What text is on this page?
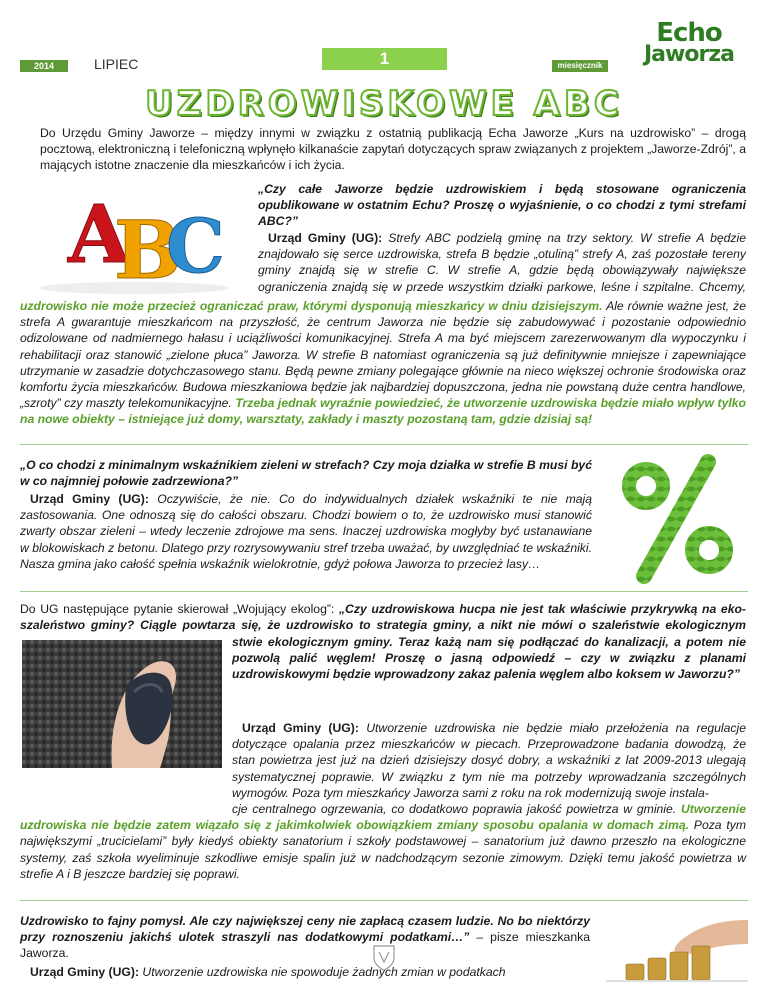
2014	LIPIEC	1	miesięcznik
Echo
Jaworza
UZDROWISKOWE ABC

Do Urzędu Gminy Jaworze – między innymi w związku z ostatnią publikacją Echa Jaworze „Kurs na uzdrowisko” – drogą pocztową, elektroniczną i telefoniczną wpłynęło kilkanaście zapytań dotyczących spraw związanych z projektem „Jaworze-Zdrój”, a mających istotne znaczenie dla mieszkańców i ich życia.

A
B
C

„Czy całe Jaworze będzie uzdrowiskiem i będą stosowane ograniczenia opublikowane w ostatnim Echu? Proszę o wyjaśnienie, o co chodzi z tymi strefami ABC?”

Urząd Gminy (UG): Strefy ABC podzielą gminę na trzy sektory. W strefie A będzie znajdowało się serce uzdrowiska, strefa B będzie „otuliną” strefy A, zaś pozostałe tereny gminy znajdą się w strefie C. W strefie A, gdzie będą obowiązywały największe ograniczenia znajdą się w przede wszystkim działki parkowe, leśne i szpitalne. Chcemy,
uzdrowisko nie może przecież ograniczać praw, którymi dysponują mieszkańcy w dniu dzisiejszym. Ale równie ważne jest, że strefa A gwarantuje mieszkańcom na przyszłość, że centrum Jaworza nie będzie się zabudowywać i pozostanie odpowiednio odizolowane od nadmiernego hałasu i uciążliwości komunikacyjnej. Strefa A ma być miejscem zarezerwowanym dla wypoczynku i rehabilitacji oraz stanowić „zielone płuca” Jaworza. W strefie B natomiast ograniczenia są już definitywnie mniejsze i zapewniające utrzymanie w zasadzie dotychczasowego stanu. Będą pewne zmiany polegające głównie na nieco większej ochronie środowiska oraz komfortu życia mieszkańców. Budowa mieszkaniowa będzie jak najbardziej dopuszczona, jedna nie powstaną duże centra handlowe, „szroty” czy maszty telekomunikacyjne. Trzeba jednak wyraźnie powiedzieć, że utworzenie uzdrowiska będzie miało wpływ tylko na nowe obiekty – istniejące już domy, warsztaty, zakłady i maszty pozostaną tam, gdzie dzisiaj są!

„O co chodzi z minimalnym wskaźnikiem zieleni w strefach? Czy moja działka w strefie B musi być w co najmniej połowie zadrzewiona?”

Urząd Gminy (UG): Oczywiście, że nie. Co do indywidualnych działek wskaźniki te nie mają zastosowania. One odnoszą się do całości obszaru. Chodzi bowiem o to, że uzdrowisko musi stanowić zwarty obszar zieleni – wtedy leczenie zdrojowe ma sens. Inaczej uzdrowiska mogłyby być ustanawiane w blokowiskach z betonu. Dlatego przy rozrysowywaniu stref trzeba uważać, by uwzględniać te wskaźniki. Nasza gmina jako całość spełnia wskaźnik wielokrotnie, gdyż połowa Jaworza to przecież lasy…

Do UG następujące pytanie skierował „Wojujący ekolog”: „Czy uzdrowiskowa hucpa nie jest tak właściwie przykrywką na eko-szaleństwo gminy? Ciągle powtarza się, że uzdrowisko to strategia gminy, a nikt nie mówi o szaleństwie ekologicznym

stwie ekologicznym gminy. Teraz każą nam się podłączać do kanalizacji, a potem nie pozwolą palić węglem! Proszę o jasną odpowiedź – czy w związku z planami uzdrowiskowymi będzie wprowadzony zakaz palenia węglem albo koksem w Jaworzu?”

Urząd Gminy (UG): Utworzenie uzdrowiska nie będzie miało przełożenia na regulacje dotyczące opalania przez mieszkańców w piecach. Przeprowadzone badania dowodzą, że stan powietrza jest już na dzień dzisiejszy dosyć dobry, a wskaźniki z lat 2009-2013 ulegają

systematycznej poprawie. W związku z tym nie ma potrzeby wprowadzania szczególnych wymogów. Poza tym mieszkańcy Jaworza sami z roku na rok modernizują swoje instala-

cje centralnego ogrzewania, co dodatkowo poprawia jakość powietrza w gminie. Utworzenie uzdrowiska nie będzie zatem wiązało się z jakimkolwiek obowiązkiem zmiany sposobu opalania w domach zimą. Poza tym największymi „trucicielami” były kiedyś obiekty sanatorium i szkoły podstawowej – sanatorium już dawno przeszło na ekologiczne systemy, zaś szkoła wyeliminuje szkodliwe emisje spalin już w nadchodzącym sezonie zimowym. Dzięki temu jakość powietrza w strefie A i B jeszcze bardziej się poprawi.

Uzdrowisko to fajny pomysł. Ale czy największej ceny nie zapłacą czasem ludzie. No bo niektórzy przy roznoszeniu jakichś ulotek straszyli nas dodatkowymi podatkami…” – pisze mieszkanka Jaworza.

Urząd Gminy (UG): Utworzenie uzdrowiska nie spowoduje żadnych zmian w podatkach
